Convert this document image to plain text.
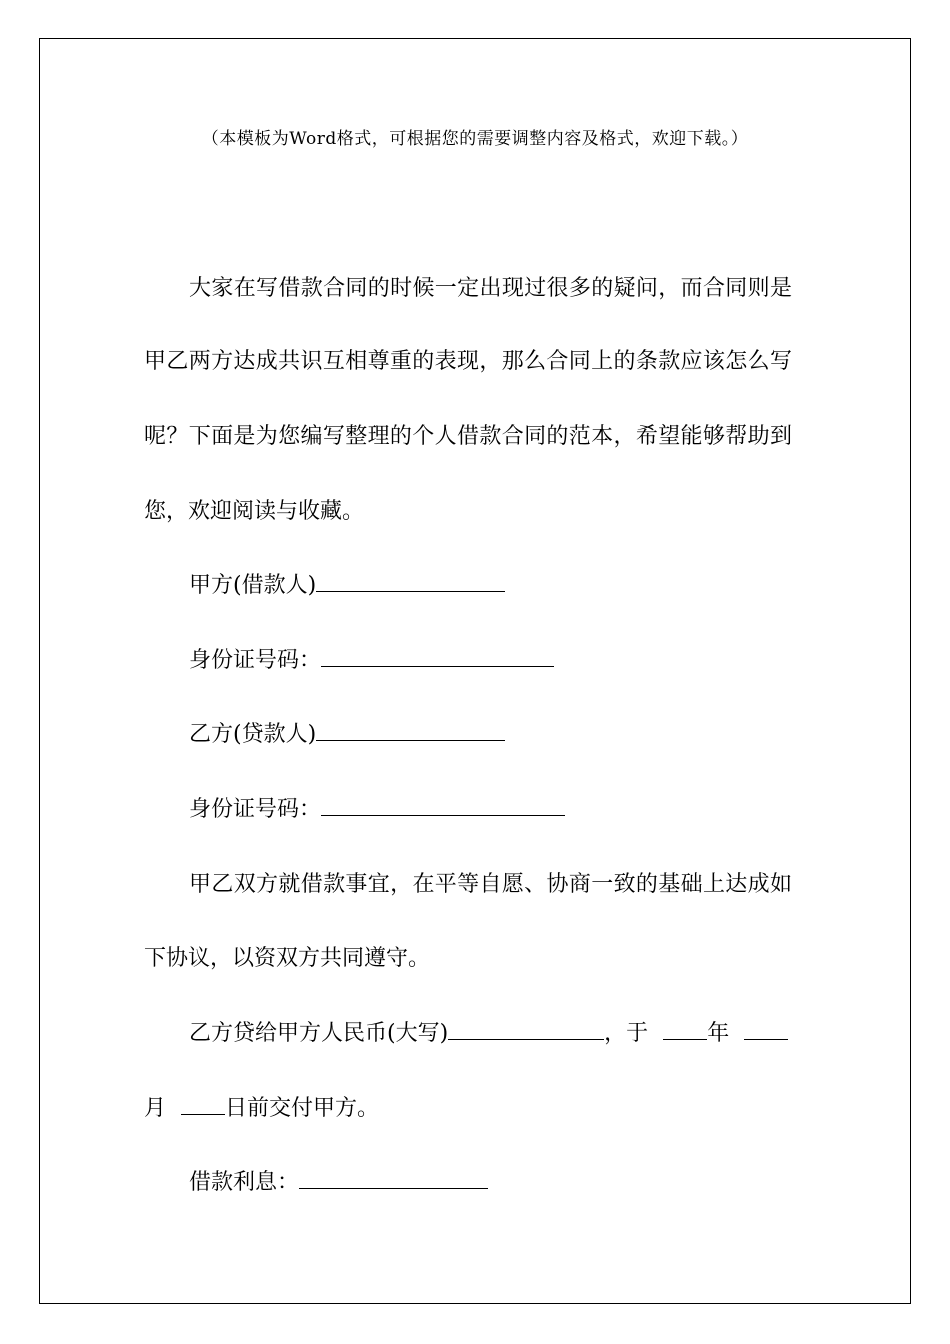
（本模板为Word格式，可根据您的需要调整内容及格式，欢迎下载。）
大家在写借款合同的时候一定出现过很多的疑问，而合同则是
甲乙两方达成共识互相尊重的表现，那么合同上的条款应该怎么写
呢？下面是为您编写整理的个人借款合同的范本，希望能够帮助到
您，欢迎阅读与收藏。
甲方(借款人)
身份证号码：
乙方(贷款人)
身份证号码：
甲乙双方就借款事宜，在平等自愿、协商一致的基础上达成如
下协议，以资双方共同遵守。
乙方贷给甲方人民币(大写)	，于	年
月	日前交付甲方。
借款利息：
